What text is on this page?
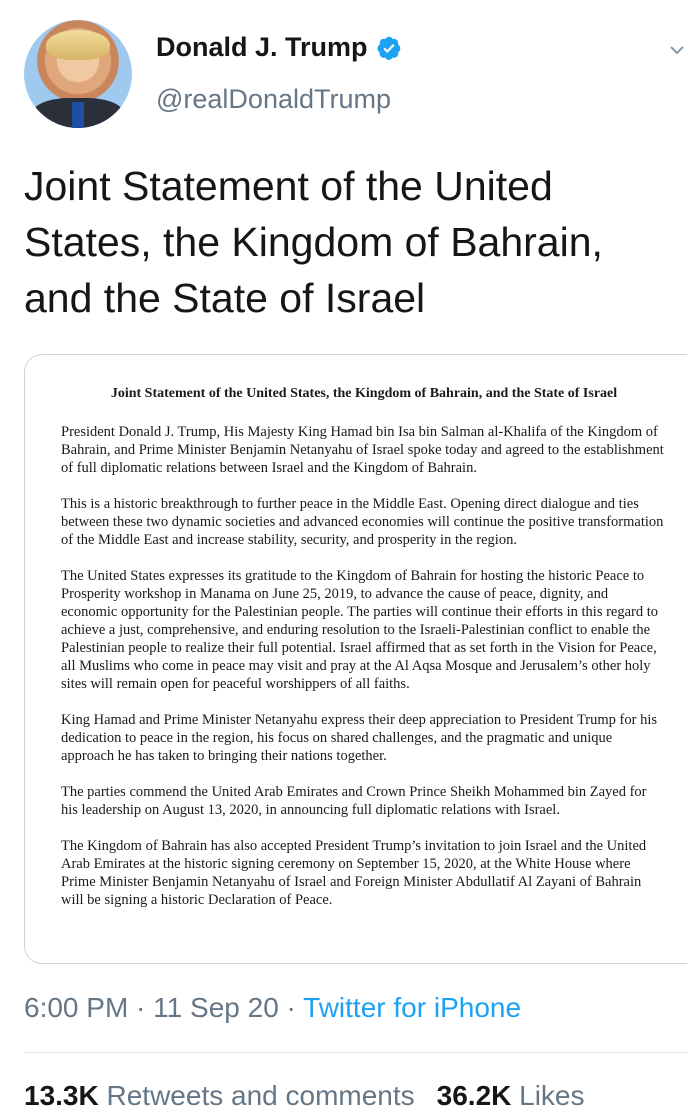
Donald J. Trump
@realDonaldTrump
Joint Statement of the United States, the Kingdom of Bahrain, and the State of Israel
Joint Statement of the United States, the Kingdom of Bahrain, and the State of Israel

President Donald J. Trump, His Majesty King Hamad bin Isa bin Salman al-Khalifa of the Kingdom of Bahrain, and Prime Minister Benjamin Netanyahu of Israel spoke today and agreed to the establishment of full diplomatic relations between Israel and the Kingdom of Bahrain.

This is a historic breakthrough to further peace in the Middle East. Opening direct dialogue and ties between these two dynamic societies and advanced economies will continue the positive transformation of the Middle East and increase stability, security, and prosperity in the region.

The United States expresses its gratitude to the Kingdom of Bahrain for hosting the historic Peace to Prosperity workshop in Manama on June 25, 2019, to advance the cause of peace, dignity, and economic opportunity for the Palestinian people. The parties will continue their efforts in this regard to achieve a just, comprehensive, and enduring resolution to the Israeli-Palestinian conflict to enable the Palestinian people to realize their full potential. Israel affirmed that as set forth in the Vision for Peace, all Muslims who come in peace may visit and pray at the Al Aqsa Mosque and Jerusalem’s other holy sites will remain open for peaceful worshippers of all faiths.

King Hamad and Prime Minister Netanyahu express their deep appreciation to President Trump for his dedication to peace in the region, his focus on shared challenges, and the pragmatic and unique approach he has taken to bringing their nations together.

The parties commend the United Arab Emirates and Crown Prince Sheikh Mohammed bin Zayed for his leadership on August 13, 2020, in announcing full diplomatic relations with Israel.

The Kingdom of Bahrain has also accepted President Trump’s invitation to join Israel and the United Arab Emirates at the historic signing ceremony on September 15, 2020, at the White House where Prime Minister Benjamin Netanyahu of Israel and Foreign Minister Abdullatif Al Zayani of Bahrain will be signing a historic Declaration of Peace.

6:00 PM · 11 Sep 20 · Twitter for iPhone
13.3K Retweets and comments 36.2K Likes
